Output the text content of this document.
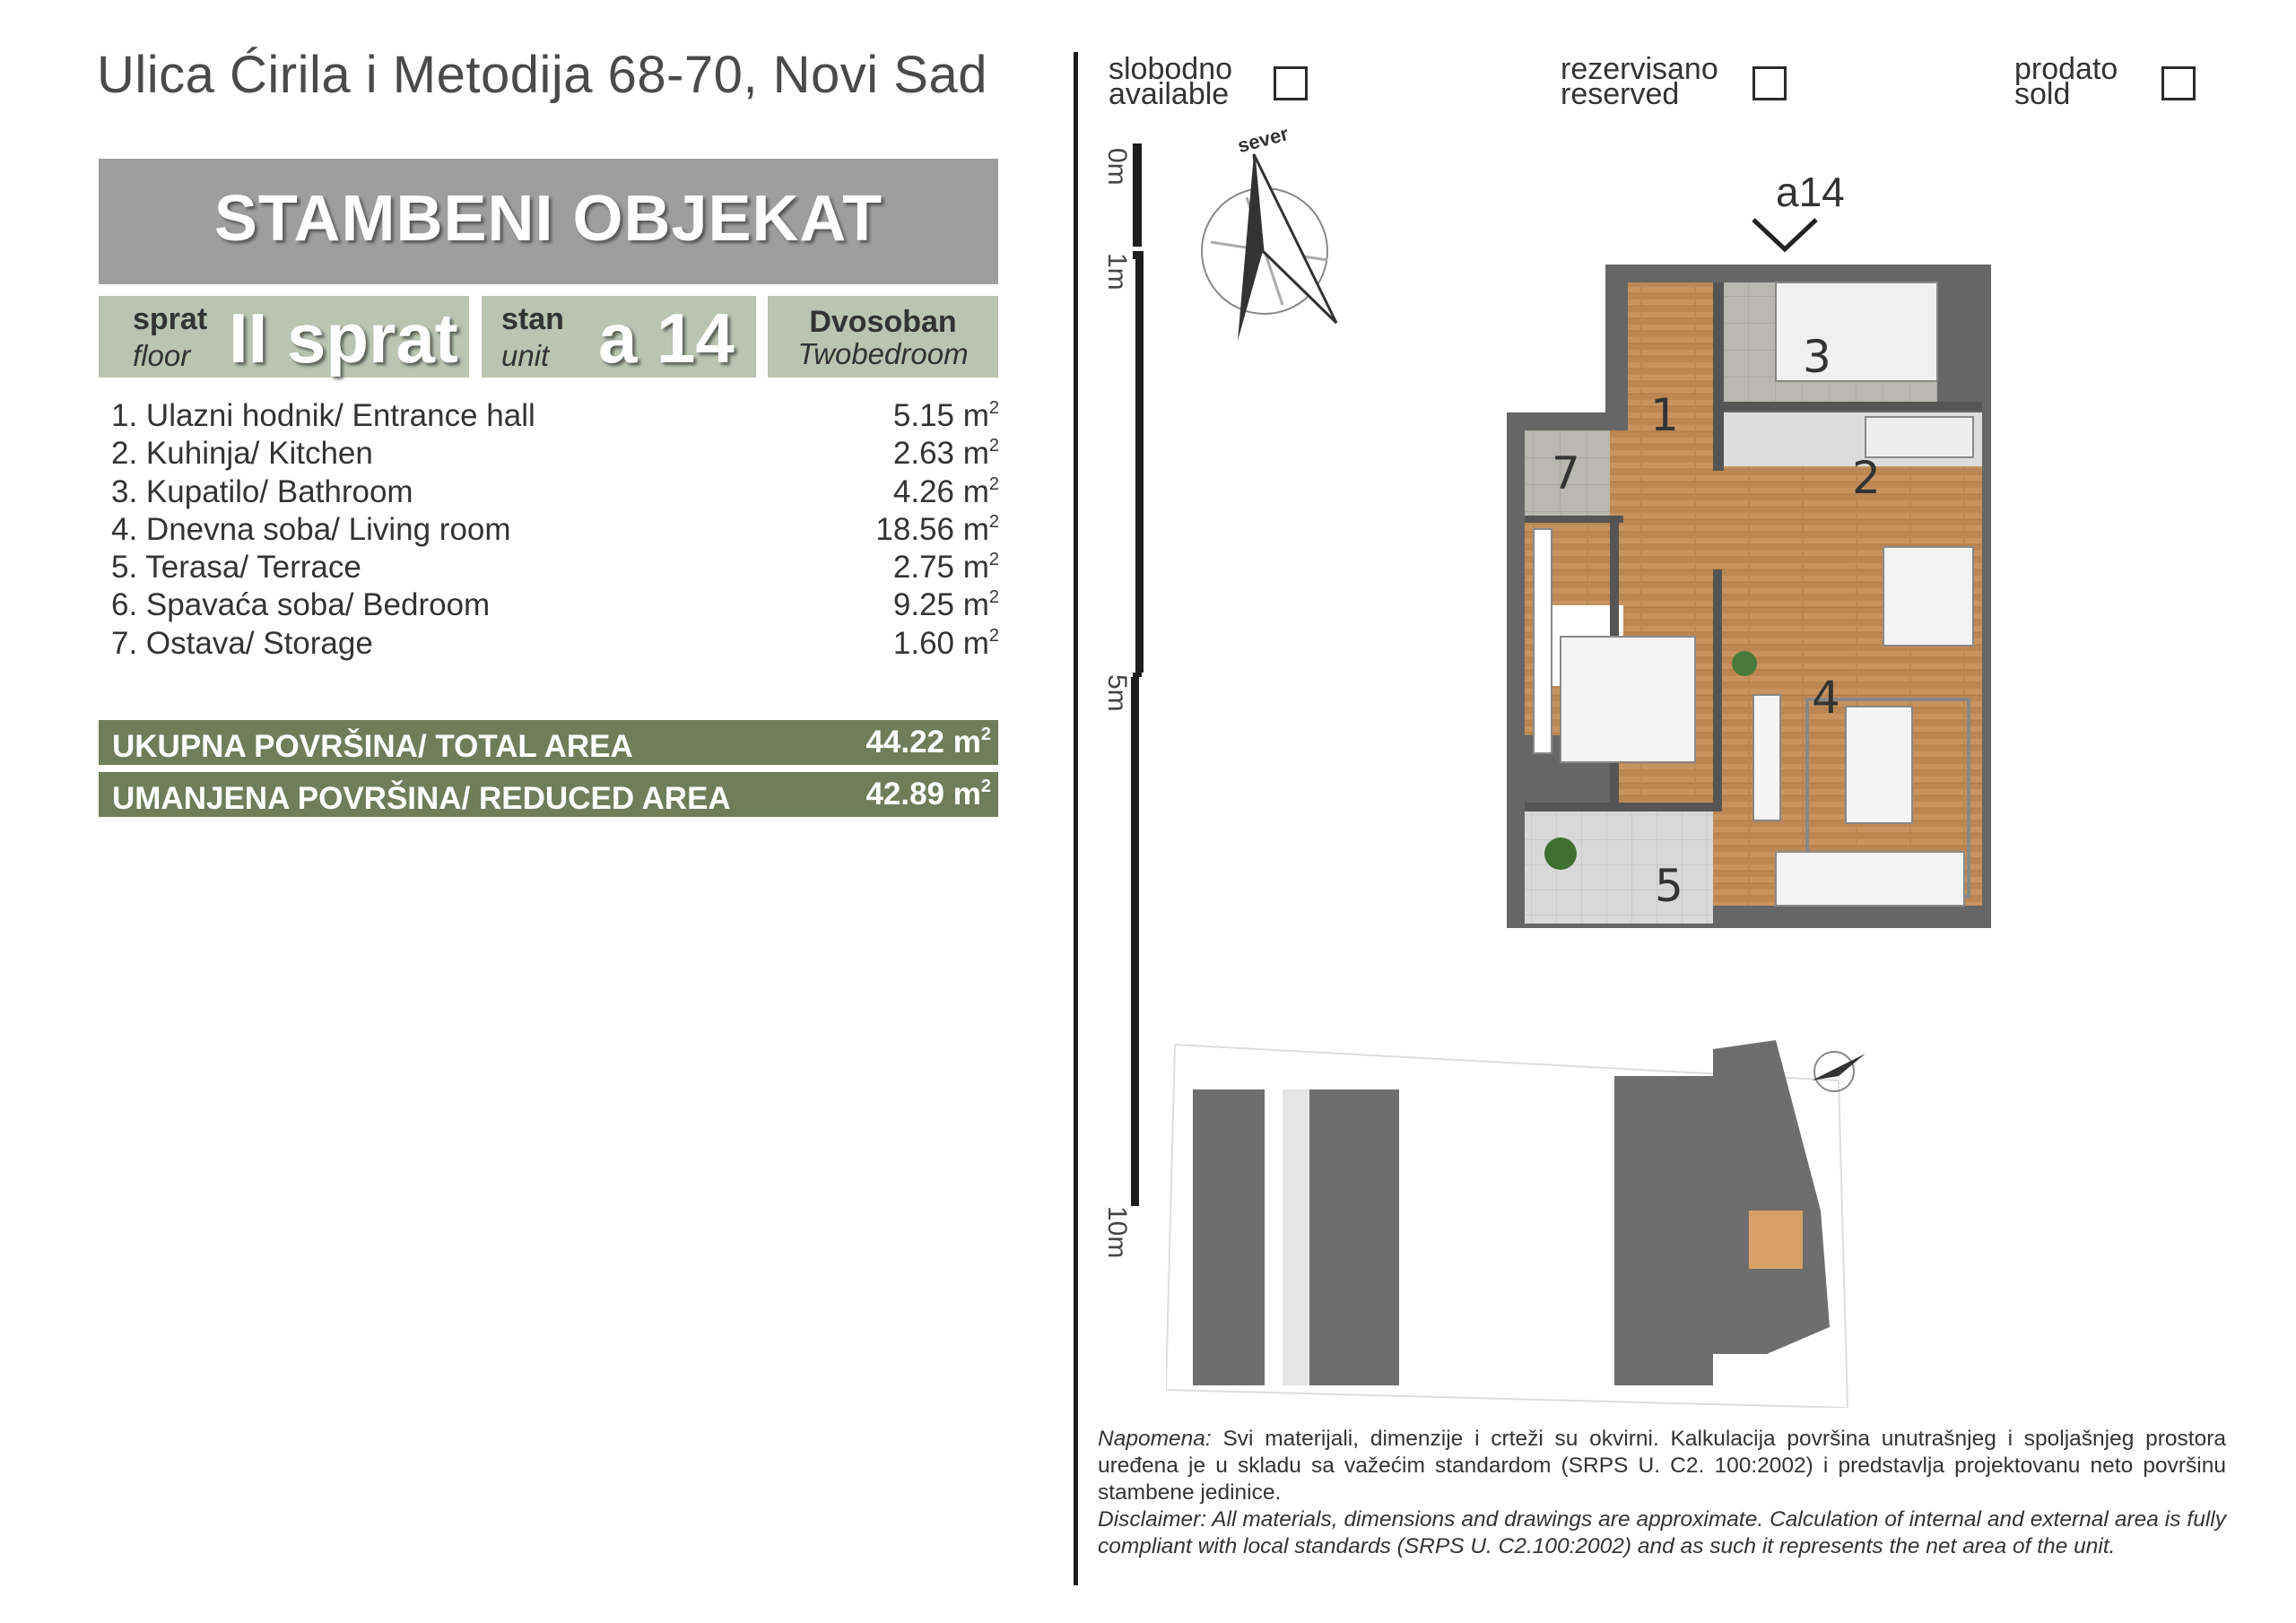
Ulica Ćirila i Metodija 68-70, Novi Sad
STAMBENI OBJEKAT
sprat
floor II sprat stan
unit a 14	Dvosoban
Twobedroom
1. Ulazni hodnik/ Entrance hall	5.15 $m^2$
2. Kuhinja/ Kitchen	2.63 $m^2$
3. Kupatilo/ Bathroom	4.26 $m^2$
4. Dnevna soba/ Living room	18.56 $m^2$
5. Terasa/ Terrace	2.75 $m^2$
6. Spavaća soba/ Bedroom	9.25 $m^2$
7. Ostava/ Storage	1.60 $m^2$
UKUPNA POVRŠINA/ TOTAL AREA	44.22 $m^2$
UMANJENA POVRŠINA/ REDUCED AREA	42.89 $m^2$
slobodno
available
rezervisano
reserved
prodato
sold
0m
1m
5m
10m
sever
a14
1
2
3
4
5
7
Napomena: Svi materijali, dimenzije i crteži su okvirni. Kalkulacija površina unutrašnjeg i spoljašnjeg prostora uređena je u skladu sa važećim standardom (SRPS U. C2. 100:2002) i predstavlja projektovanu neto površinu stambene jedinice.
Disclaimer: All materials, dimensions and drawings are approximate. Calculation of internal and external area is fully compliant with local standards (SRPS U. C2.100:2002) and as such it represents the net area of the unit.
